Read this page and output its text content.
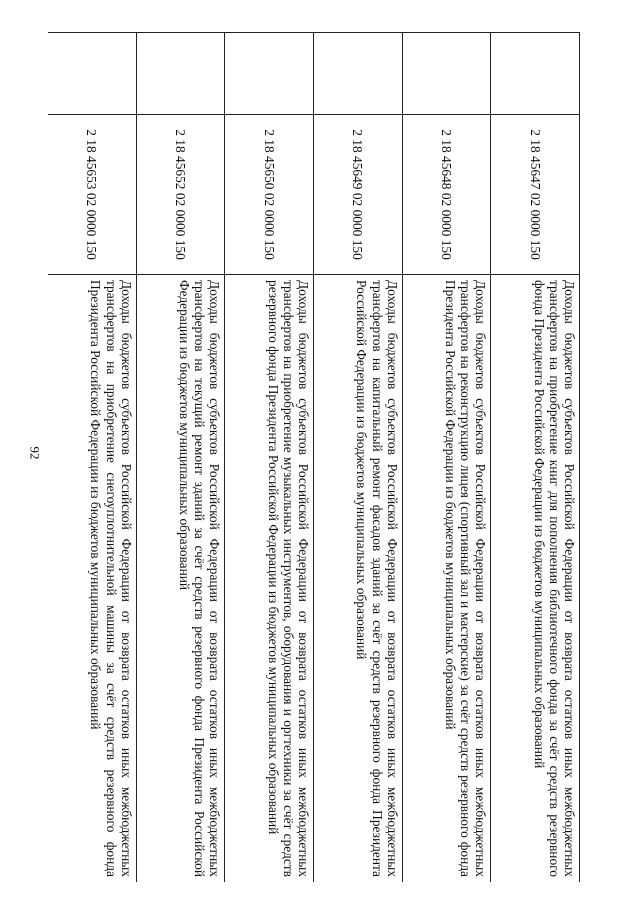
92
	2 18 45647 02 0000 150	Доходы бюджетов субъектов Российской Федерации от возврата остатков иных межбюджетных трансфертов на приобретение книг для пополнения библиотечного фонда за счёт средств резервного фонда Президента Российской Федерации из бюджетов муниципальных образований
	2 18 45648 02 0000 150	Доходы бюджетов субъектов Российской Федерации от возврата остатков иных межбюджетных трансфертов на реконструкцию лицея (спортивный зал и мастерские) за счёт средств резервного фонда Президента Российской Федерации из бюджетов муниципальных образований
	2 18 45649 02 0000 150	Доходы бюджетов субъектов Российской Федерации от возврата остатков иных межбюджетных трансфертов на капитальный ремонт фасадов зданий за счёт средств резервного фонда Президента Российской Федерации из бюджетов муниципальных образований
	2 18 45650 02 0000 150	Доходы бюджетов субъектов Российской Федерации от возврата остатков иных межбюджетных трансфертов на приобретение музыкальных инструментов, оборудования и оргтехники за счёт средств резервного фонда Президента Российской Федерации из бюджетов муниципальных образований
	2 18 45652 02 0000 150	Доходы бюджетов субъектов Российской Федерации от возврата остатков иных межбюджетных трансфертов на текущий ремонт зданий за счёт средств резервного фонда Президента Российской Федерации из бюджетов муниципальных образований
	2 18 45653 02 0000 150	Доходы бюджетов субъектов Российской Федерации от возврата остатков иных межбюджетных трансфертов на приобретение снегоуплотнительной машины за счёт средств резервного фонда Президента Российской Федерации из бюджетов муниципальных образований
